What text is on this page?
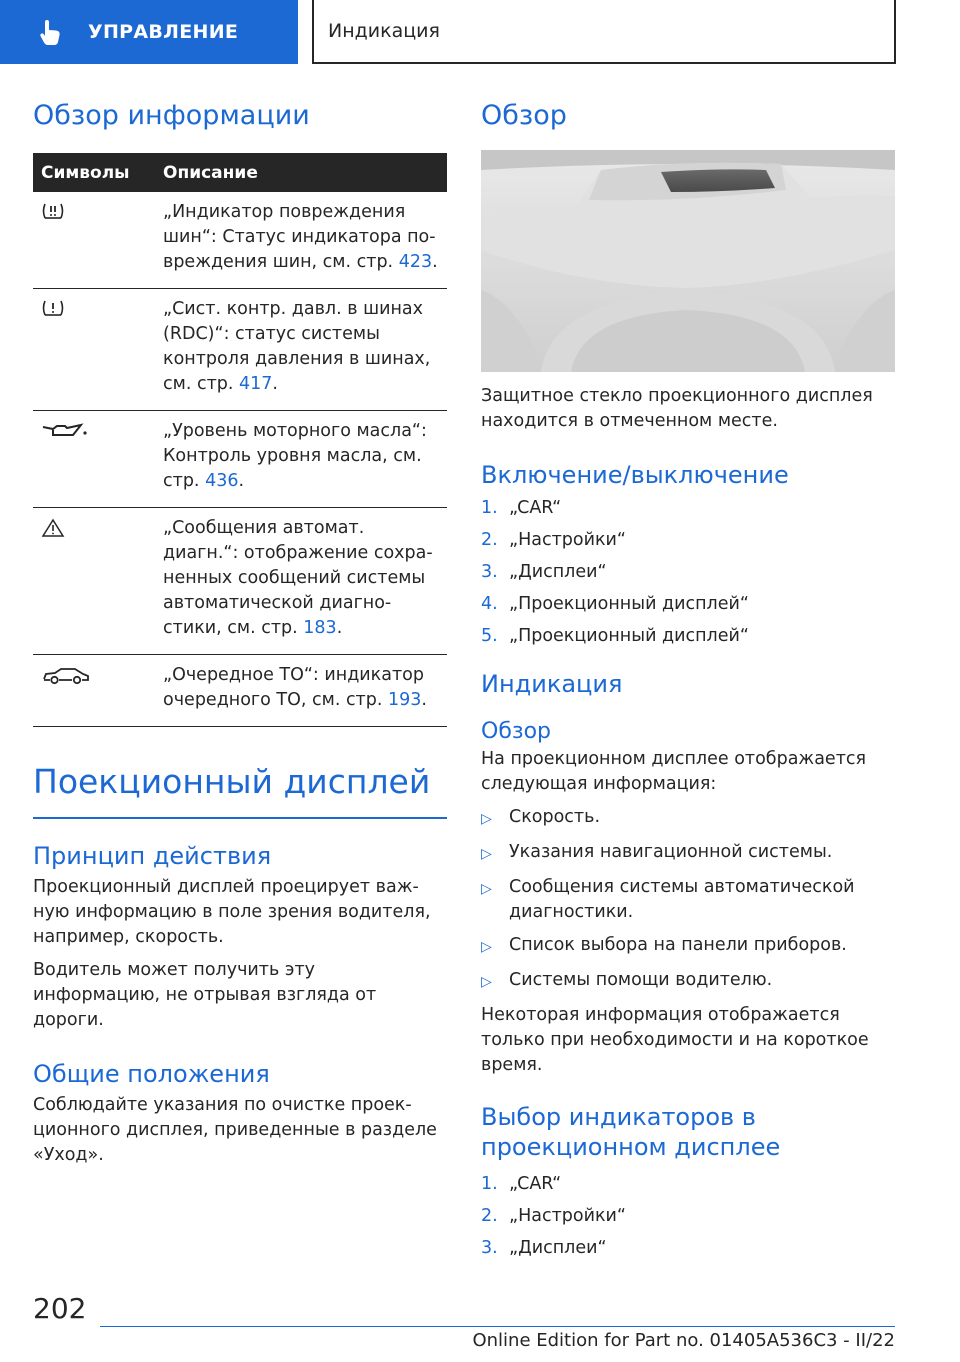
УПРАВЛЕНИЕ	Индикация
Обзор информации
Символы	Описание
	„Индикатор повреждения шин“: Статус индикатора повреждения шин, см. стр. 423.
	„Сист. контр. давл. в шинах (RDC)“: статус системы контроля давления в шинах, см. стр. 417.
	„Уровень моторного масла“: Контроль уровня масла, см. стр. 436.
	„Сообщения автомат. диагн.“: отображение сохраненных сообщений системы автоматической диагностики, см. стр. 183.
	„Очередное ТО“: индикатор очередного ТО, см. стр. 193.
Поекционный дисплей
Принцип действия

Проекционный дисплей проецирует важную информацию в поле зрения водителя, например, скорость.

Водитель может получить эту информацию, не отрывая взгляда от дороги.

Общие положения

Соблюдайте указания по очистке проекционного дисплея, приведенные в разделе «Уход».

Обзор

Защитное стекло проекционного дисплея находится в отмеченном месте.

Включение/выключение
1. „CAR“
2. „Настройки“
3. „Дисплеи“
4. „Проекционный дисплей“
5. „Проекционный дисплей“
Индикация
Обзор

На проекционном дисплее отображается следующая информация:

▷ Скорость.
▷ Указания навигационной системы.
▷ Сообщения системы автоматической диагностики.
▷ Список выбора на панели приборов.
▷ Системы помощи водителю.

Некоторая информация отображается только при необходимости и на короткое время.

Выбор индикаторов в проекционном дисплее
1. „CAR“
2. „Настройки“
3. „Дисплеи“
202
Online Edition for Part no. 01405A536C3 - II/22
